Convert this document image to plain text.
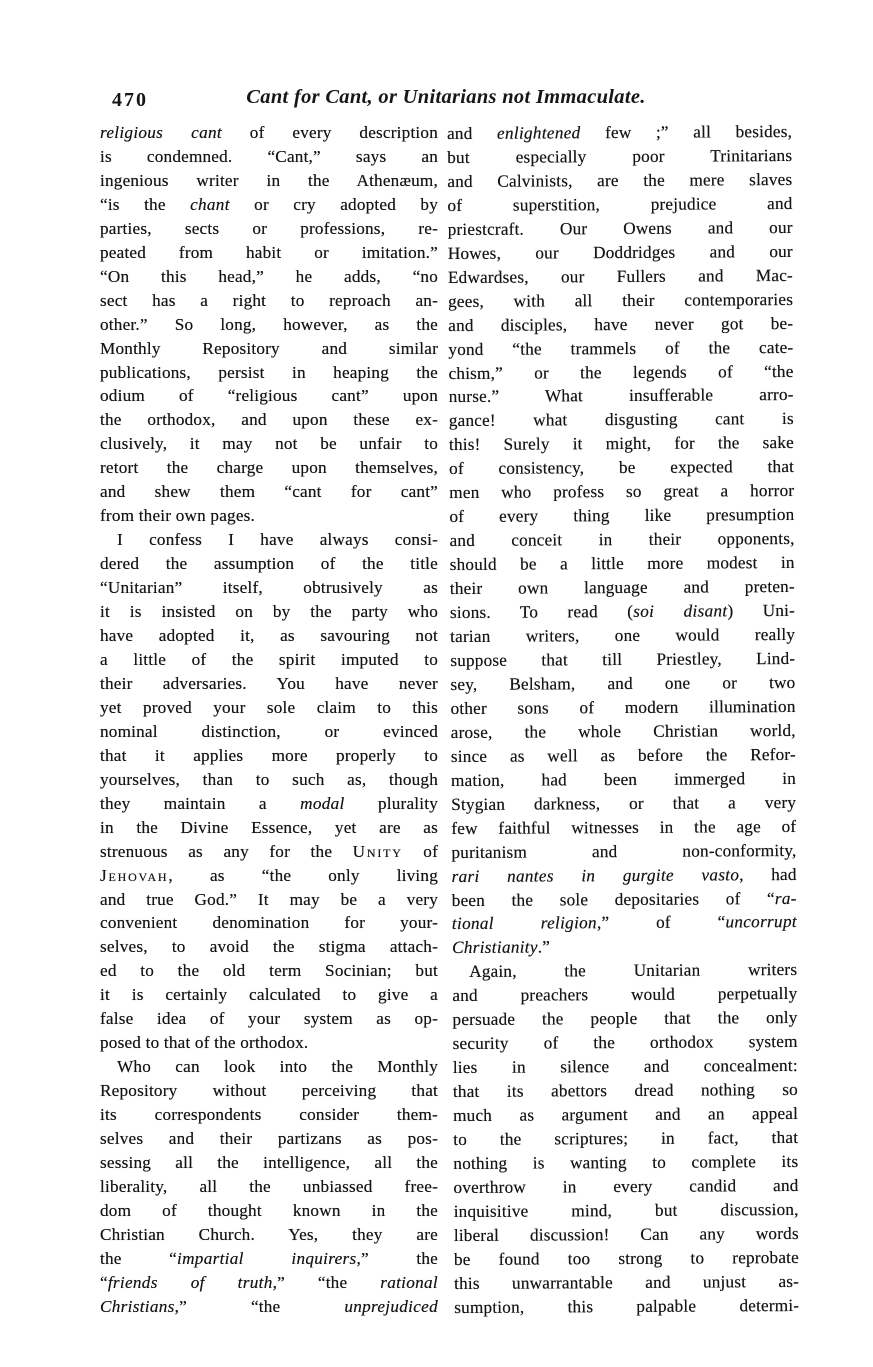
470	Cant for Cant, or Unitarians not Immaculate.
religious cant of every description
is condemned. “Cant,” says an
ingenious writer in the Athenæum,
“is the chant or cry adopted by
parties, sects or professions, re-
peated from habit or imitation.”
“On this head,” he adds, “no
sect has a right to reproach an-
other.” So long, however, as the
Monthly Repository and similar
publications, persist in heaping the
odium of “religious cant” upon
the orthodox, and upon these ex-
clusively, it may not be unfair to
retort the charge upon themselves,
and shew them “cant for cant”
from their own pages.
I confess I have always consi-
dered the assumption of the title
“Unitarian” itself, obtrusively as
it is insisted on by the party who
have adopted it, as savouring not
a little of the spirit imputed to
their adversaries. You have never
yet proved your sole claim to this
nominal distinction, or evinced
that it applies more properly to
yourselves, than to such as, though
they maintain a modal plurality
in the Divine Essence, yet are as
strenuous as any for the Unity of
Jehovah, as “the only living
and true God.” It may be a very
convenient denomination for your-
selves, to avoid the stigma attach-
ed to the old term Socinian; but
it is certainly calculated to give a
false idea of your system as op-
posed to that of the orthodox.
Who can look into the Monthly
Repository without perceiving that
its correspondents consider them-
selves and their partizans as pos-
sessing all the intelligence, all the
liberality, all the unbiassed free-
dom of thought known in the
Christian Church. Yes, they are
the “impartial inquirers,” the
“friends of truth,” “the rational
Christians,” “the unprejudiced
and enlightened few ;” all besides,
but especially poor Trinitarians
and Calvinists, are the mere slaves
of superstition, prejudice and
priestcraft. Our Owens and our
Howes, our Doddridges and our
Edwardses, our Fullers and Mac-
gees, with all their contemporaries
and disciples, have never got be-
yond “the trammels of the cate-
chism,” or the legends of “the
nurse.” What insufferable arro-
gance! what disgusting cant is
this! Surely it might, for the sake
of consistency, be expected that
men who profess so great a horror
of every thing like presumption
and conceit in their opponents,
should be a little more modest in
their own language and preten-
sions. To read (soi disant) Uni-
tarian writers, one would really
suppose that till Priestley, Lind-
sey, Belsham, and one or two
other sons of modern illumination
arose, the whole Christian world,
since as well as before the Refor-
mation, had been immerged in
Stygian darkness, or that a very
few faithful witnesses in the age of
puritanism and non-conformity,
rari nantes in gurgite vasto, had
been the sole depositaries of “ra-
tional religion,” of “uncorrupt
Christianity.”
Again, the Unitarian writers
and preachers would perpetually
persuade the people that the only
security of the orthodox system
lies in silence and concealment:
that its abettors dread nothing so
much as argument and an appeal
to the scriptures; in fact, that
nothing is wanting to complete its
overthrow in every candid and
inquisitive mind, but discussion,
liberal discussion! Can any words
be found too strong to reprobate
this unwarrantable and unjust as-
sumption, this palpable determi-
